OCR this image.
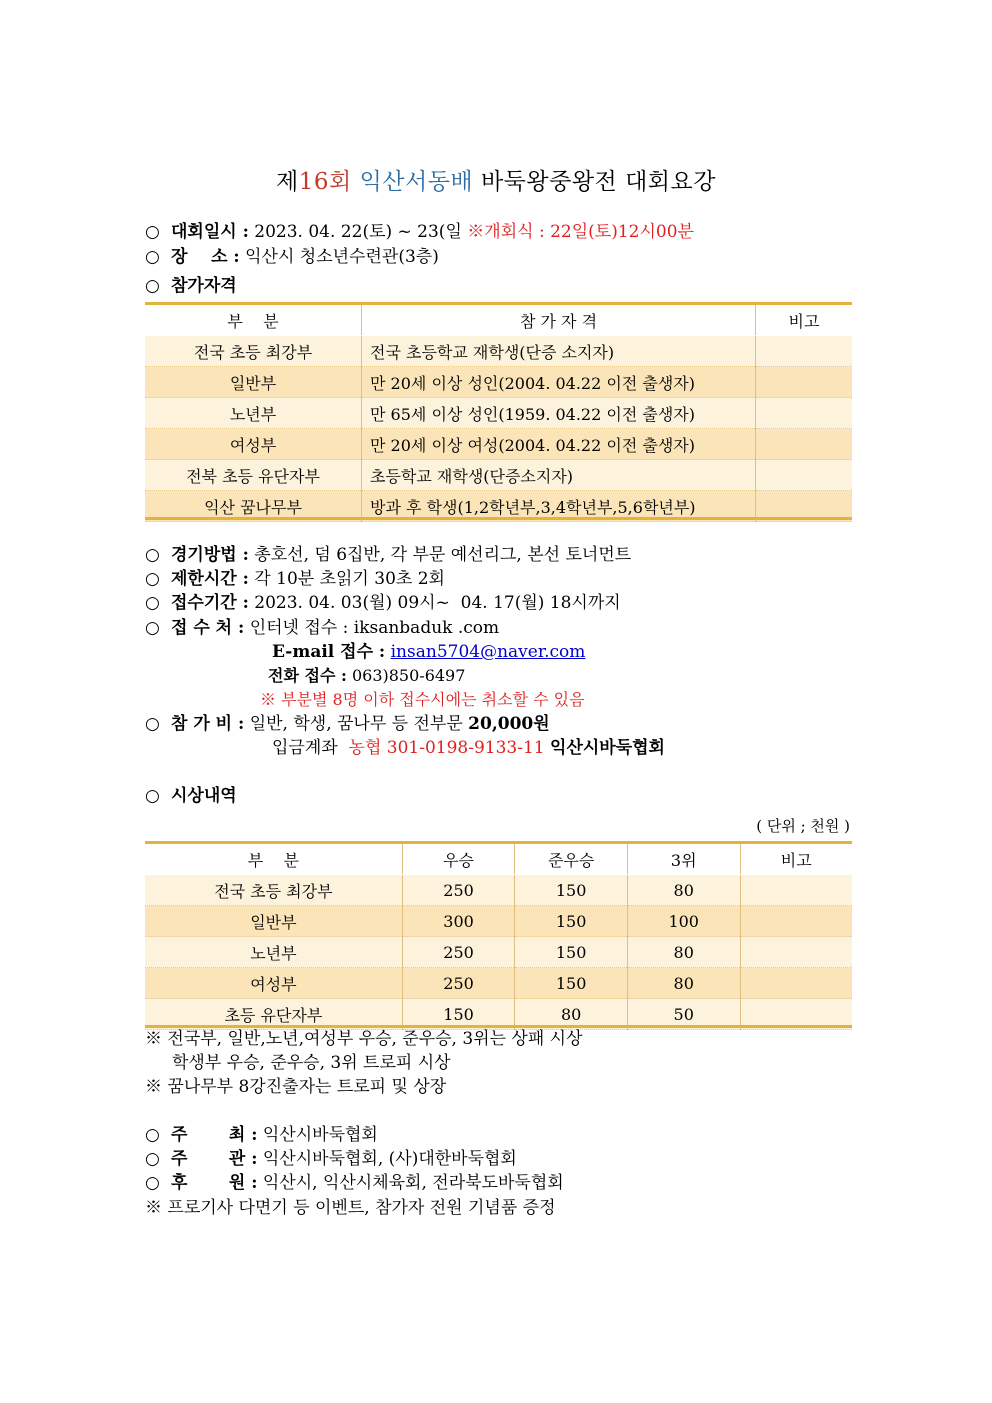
제16회 익산서동배 바둑왕중왕전 대회요강
○ 대회일시 : 2023. 04. 22(토) ~ 23(일 ※개회식 : 22일(토)12시00분
○ 장    소 : 익산시 청소년수련관(3층)
○ 참가자격
부    분	참 가 자 격	비고
전국 초등 최강부	전국 초등학교 재학생(단증 소지자)	
일반부	만 20세 이상 성인(2004. 04.22 이전 출생자)	
노년부	만 65세 이상 성인(1959. 04.22 이전 출생자)	
여성부	만 20세 이상 여성(2004. 04.22 이전 출생자)	
전북 초등 유단자부	초등학교 재학생(단증소지자)	
익산 꿈나무부	방과 후 학생(1,2학년부,3,4학년부,5,6학년부)	
○ 경기방법 : 총호선, 덤 6집반, 각 부문 예선리그, 본선 토너먼트
○ 제한시간 : 각 10분 초읽기 30초 2회
○ 접수기간 : 2023. 04. 03(월) 09시~  04. 17(월) 18시까지
○ 접 수 처 : 인터넷 접수 : iksanbaduk .com
E-mail 접수 : insan5704@naver.com
전화 접수 : 063)850-6497
※ 부분별 8명 이하 접수시에는 취소할 수 있음
○ 참 가 비 : 일반, 학생, 꿈나무 등 전부문 20,000원
입금계좌 농협 301-0198-9133-11 익산시바둑협회
○ 시상내역
( 단위 ; 천원 )
부    분	우승	준우승	3위	비고
전국 초등 최강부	250	150	80	
일반부	300	150	100	
노년부	250	150	80	
여성부	250	150	80	
초등 유단자부	150	80	50	
※ 전국부, 일반,노년,여성부 우승, 준우승, 3위는 상패 시상
학생부 우승, 준우승, 3위 트로피 시상
※ 꿈나무부 8강진출자는 트로피 및 상장
○ 주       최 : 익산시바둑협회
○ 주       관 : 익산시바둑협회, (사)대한바둑협회
○ 후       원 : 익산시, 익산시체육회, 전라북도바둑협회
※ 프로기사 다면기 등 이벤트, 참가자 전원 기념품 증정
